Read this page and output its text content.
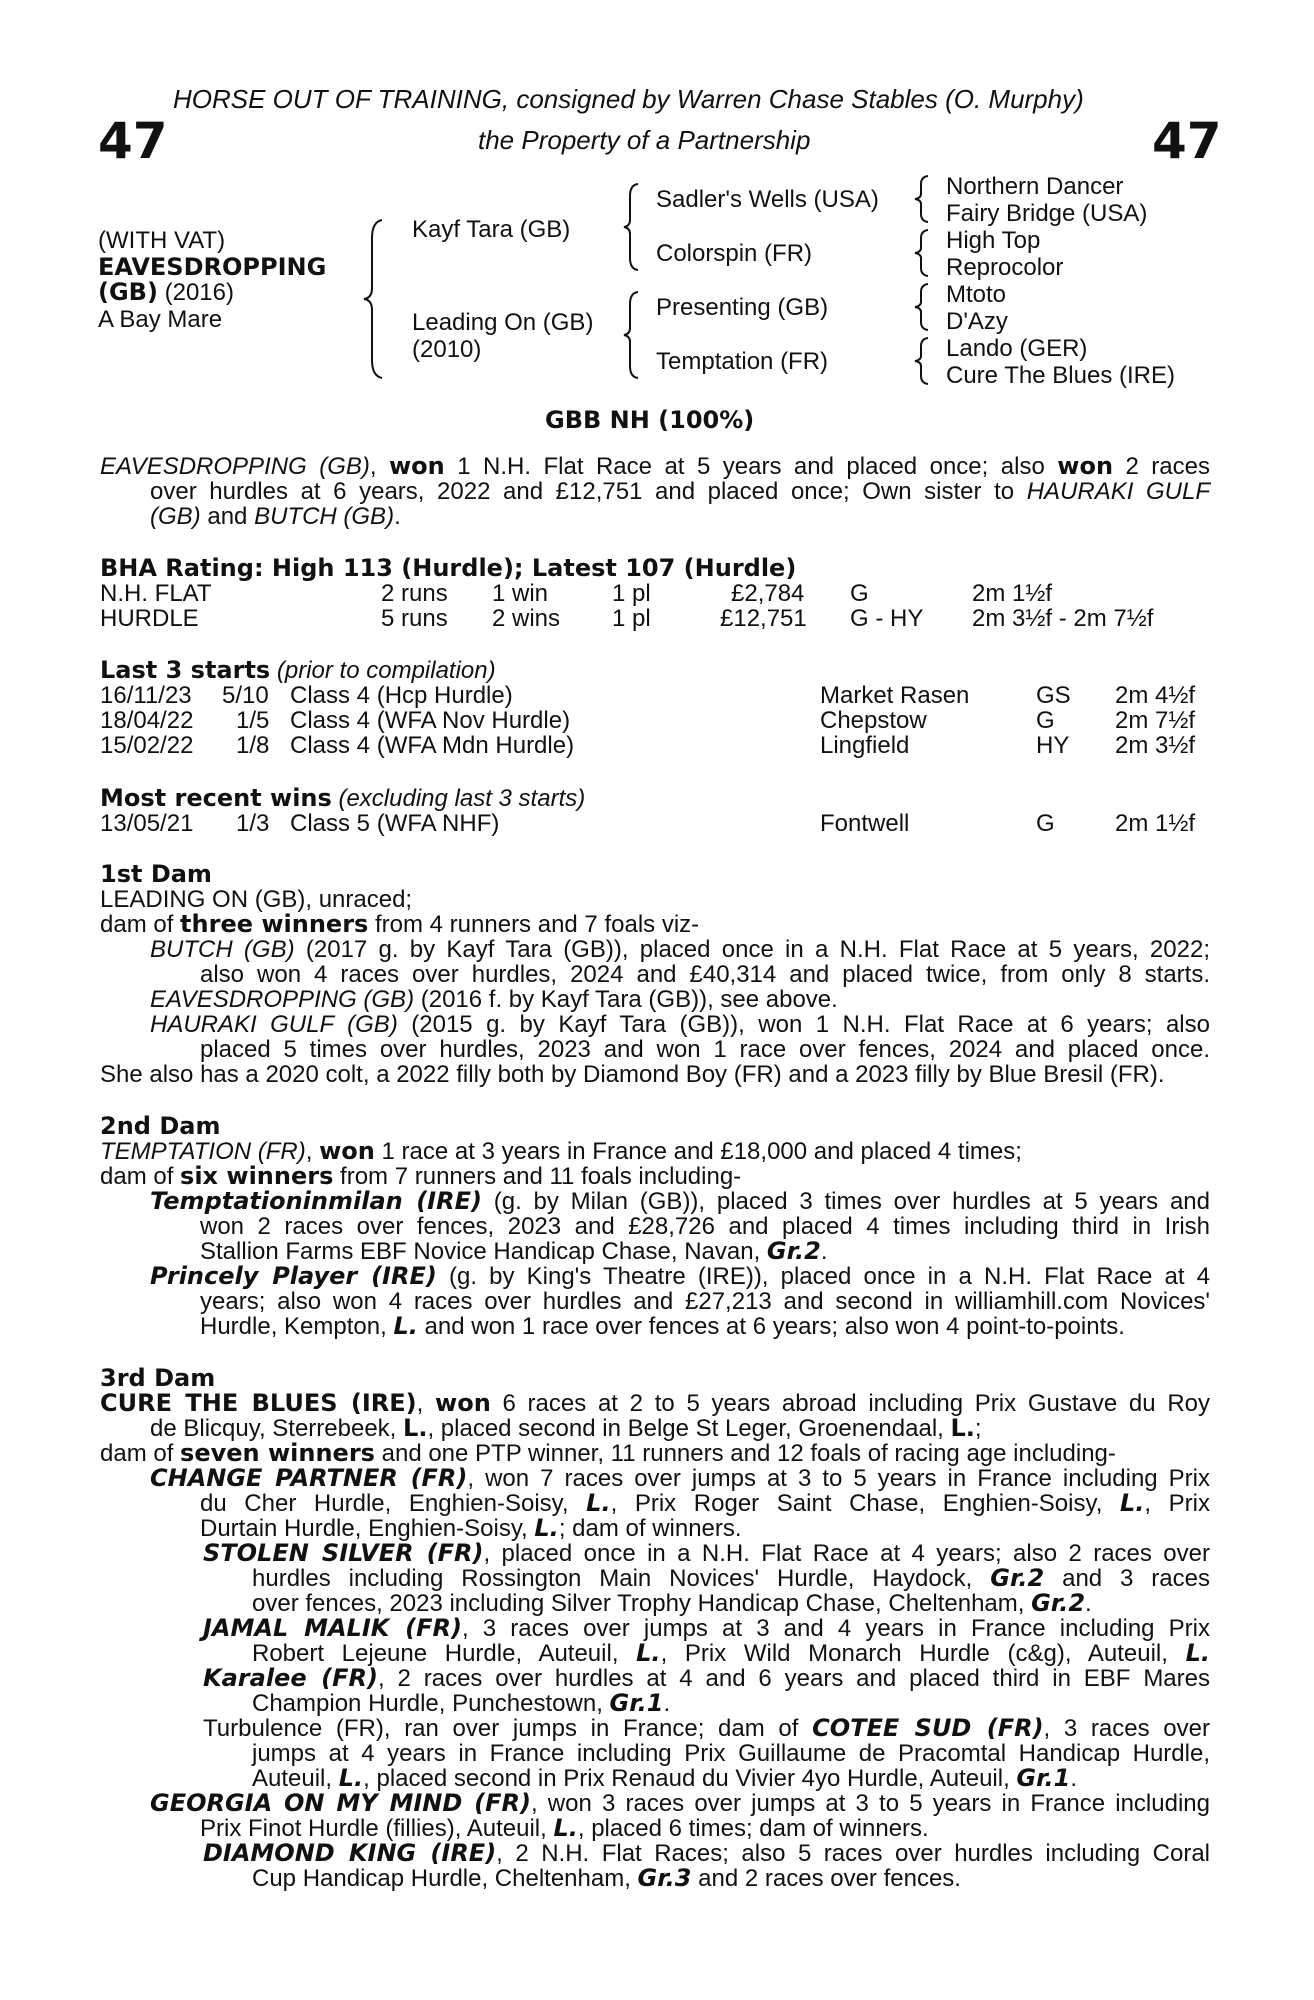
HORSE OUT OF TRAINING, consigned by Warren Chase Stables (O. Murphy)
47	the Property of a Partnership	47
(WITH VAT)
EAVESDROPPING
(GB) (2016)
A Bay Mare
Kayf Tara (GB)
Leading On (GB)
(2010)
Sadler's Wells (USA)
Colorspin (FR)
Presenting (GB)
Temptation (FR)
Northern Dancer
Fairy Bridge (USA)
High Top
Reprocolor
Mtoto
D'Azy
Lando (GER)
Cure The Blues (IRE)
GBB NH (100%)
EAVESDROPPING (GB), won 1 N.H. Flat Race at 5 years and placed once; also won 2 races
over hurdles at 6 years, 2022 and £12,751 and placed once; Own sister to HAURAKI GULF
(GB) and BUTCH (GB).
BHA Rating: High 113 (Hurdle); Latest 107 (Hurdle)
N.H. FLAT	2 runs 1 win	1 pl	£2,784 G	2m 1½f
HURDLE	5 runs 2 wins 1 pl	£12,751 G - HY 2m 3½f - 2m 7½f
Last 3 starts (prior to compilation)
16/11/23 5/10 Class 4 (Hcp Hurdle)	Market Rasen	GS 2m 4½f
18/04/22 1/5 Class 4 (WFA Nov Hurdle)	Chepstow	G	2m 7½f
15/02/22 1/8 Class 4 (WFA Mdn Hurdle)	Lingfield	HY 2m 3½f
Most recent wins (excluding last 3 starts)
13/05/21 1/3 Class 5 (WFA NHF)	Fontwell	G	2m 1½f
1st Dam
LEADING ON (GB), unraced;
dam of three winners from 4 runners and 7 foals viz-
BUTCH (GB) (2017 g. by Kayf Tara (GB)), placed once in a N.H. Flat Race at 5 years, 2022;
also won 4 races over hurdles, 2024 and £40,314 and placed twice, from only 8 starts.
EAVESDROPPING (GB) (2016 f. by Kayf Tara (GB)), see above.
HAURAKI GULF (GB) (2015 g. by Kayf Tara (GB)), won 1 N.H. Flat Race at 6 years; also
placed 5 times over hurdles, 2023 and won 1 race over fences, 2024 and placed once.
She also has a 2020 colt, a 2022 filly both by Diamond Boy (FR) and a 2023 filly by Blue Bresil (FR).
2nd Dam
TEMPTATION (FR), won 1 race at 3 years in France and £18,000 and placed 4 times;
dam of six winners from 7 runners and 11 foals including-
Temptationinmilan (IRE) (g. by Milan (GB)), placed 3 times over hurdles at 5 years and
won 2 races over fences, 2023 and £28,726 and placed 4 times including third in Irish
Stallion Farms EBF Novice Handicap Chase, Navan, Gr.2.
Princely Player (IRE) (g. by King's Theatre (IRE)), placed once in a N.H. Flat Race at 4
years; also won 4 races over hurdles and £27,213 and second in williamhill.com Novices'
Hurdle, Kempton, L. and won 1 race over fences at 6 years; also won 4 point-to-points.
3rd Dam
CURE THE BLUES (IRE), won 6 races at 2 to 5 years abroad including Prix Gustave du Roy
de Blicquy, Sterrebeek, L., placed second in Belge St Leger, Groenendaal, L.;
dam of seven winners and one PTP winner, 11 runners and 12 foals of racing age including-
CHANGE PARTNER (FR), won 7 races over jumps at 3 to 5 years in France including Prix
du Cher Hurdle, Enghien-Soisy, L., Prix Roger Saint Chase, Enghien-Soisy, L., Prix
Durtain Hurdle, Enghien-Soisy, L.; dam of winners.
STOLEN SILVER (FR), placed once in a N.H. Flat Race at 4 years; also 2 races over
hurdles including Rossington Main Novices' Hurdle, Haydock, Gr.2 and 3 races
over fences, 2023 including Silver Trophy Handicap Chase, Cheltenham, Gr.2.
JAMAL MALIK (FR), 3 races over jumps at 3 and 4 years in France including Prix
Robert Lejeune Hurdle, Auteuil, L., Prix Wild Monarch Hurdle (c&g), Auteuil, L.
Karalee (FR), 2 races over hurdles at 4 and 6 years and placed third in EBF Mares
Champion Hurdle, Punchestown, Gr.1.
Turbulence (FR), ran over jumps in France; dam of COTEE SUD (FR), 3 races over
jumps at 4 years in France including Prix Guillaume de Pracomtal Handicap Hurdle,
Auteuil, L., placed second in Prix Renaud du Vivier 4yo Hurdle, Auteuil, Gr.1.
GEORGIA ON MY MIND (FR), won 3 races over jumps at 3 to 5 years in France including
Prix Finot Hurdle (fillies), Auteuil, L., placed 6 times; dam of winners.
DIAMOND KING (IRE), 2 N.H. Flat Races; also 5 races over hurdles including Coral
Cup Handicap Hurdle, Cheltenham, Gr.3 and 2 races over fences.
